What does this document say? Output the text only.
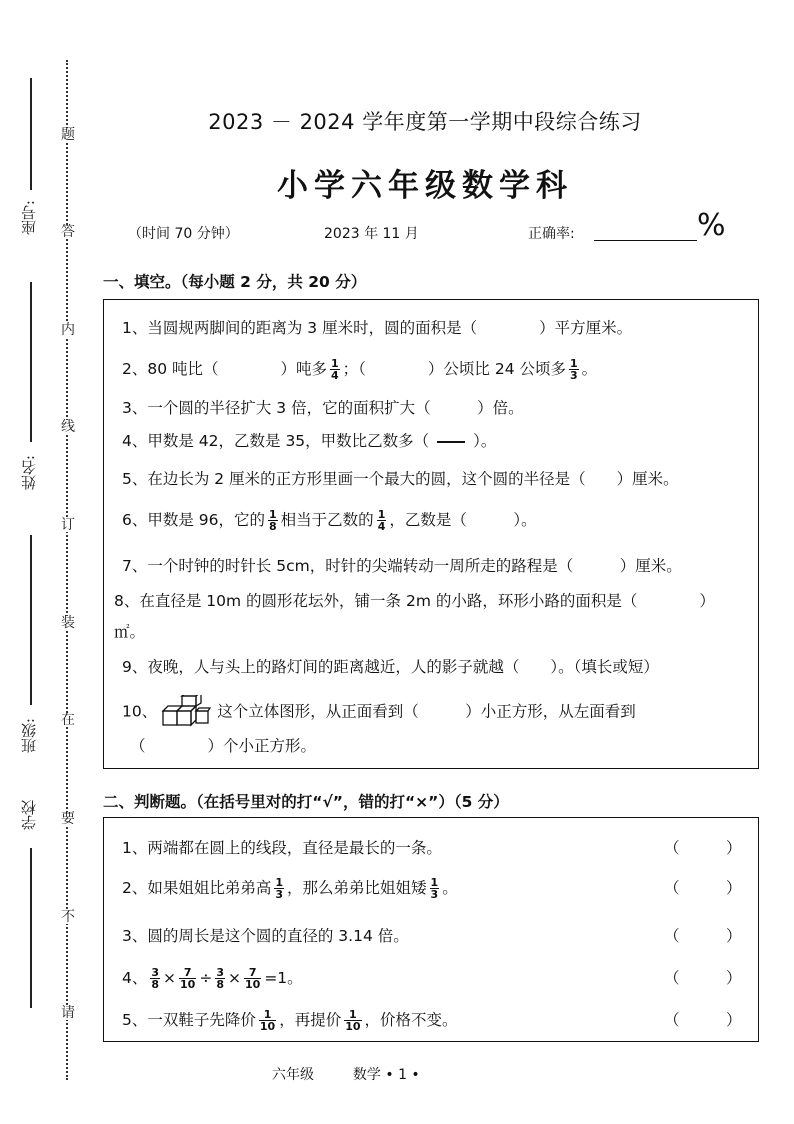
座号:
姓名:
班级:
学校
题
答
内
线
订
装
在
要
不
请
2023 － 2024 学年度第一学期中段综合练习
小学六年级数学科
（时间 70 分钟）	2023 年 11 月	正确率:	%
一、填空。（每小题 2 分，共 20 分）
1、当圆规两脚间的距离为 3 厘米时，圆的面积是（　　　　）平方厘米。
2、80 吨比（　　　　）吨多 $\frac{1}{4}$ ；（　　　　）公顷比 24 公顷多 $\frac{1}{3}$ 。
3、一个圆的半径扩大 3 倍，它的面积扩大（　　　）倍。
4、甲数是 42，乙数是 35，甲数比乙数多（	）。
5、在边长为 2 厘米的正方形里画一个最大的圆，这个圆的半径是（　　）厘米。
6、甲数是 96，它的 $\frac{1}{8}$ 相当于乙数的 $\frac{1}{4}$ ，乙数是（　　　）。
7、一个时钟的时针长 5cm，时针的尖端转动一周所走的路程是（　　　）厘米。
8、在直径是 10m 的圆形花坛外，铺一条 2m 的小路，环形小路的面积是（　　　　）
㎡。
9、夜晚，人与头上的路灯间的距离越近，人的影子就越（　　）。（填长或短）
10、	这个立体图形，从正面看到（　　　）小正方形，从左面看到
（　　　　）个小正方形。
二、判断题。（在括号里对的打“√”，错的打“×”）（5 分）
1、两端都在圆上的线段，直径是最长的一条。	（　　　）
2、如果姐姐比弟弟高 $\frac{1}{3}$ ，那么弟弟比姐姐矮 $\frac{1}{3}$ 。	（　　　）
3、圆的周长是这个圆的直径的 3.14 倍。	（　　　）
4、 $\frac{3}{8} \times \frac{7}{10} \div \frac{3}{8} \times \frac{7}{10} =1$。	（　　　）
5、一双鞋子先降价 $\frac{1}{10}$ ，再提价 $\frac{1}{10}$ ，价格不变。	（　　　）
六年级	数学 • 1 •
